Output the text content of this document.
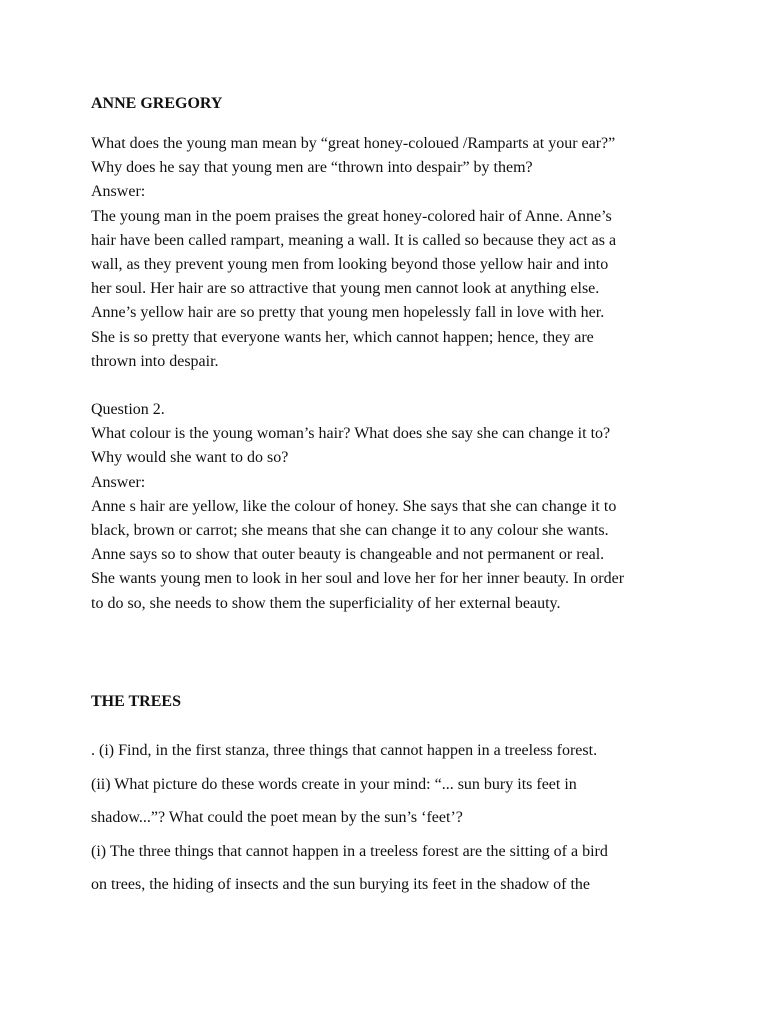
ANNE GREGORY
What does the young man mean by “great honey-coloued /Ramparts at your ear?”
Why does he say that young men are “thrown into despair” by them?
Answer:
The young man in the poem praises the great honey-colored hair of Anne. Anne’s
hair have been called rampart, meaning a wall. It is called so because they act as a
wall, as they prevent young men from looking beyond those yellow hair and into
her soul. Her hair are so attractive that young men cannot look at anything else.
Anne’s yellow hair are so pretty that young men hopelessly fall in love with her.
She is so pretty that everyone wants her, which cannot happen; hence, they are
thrown into despair.
Question 2.
What colour is the young woman’s hair? What does she say she can change it to?
Why would she want to do so?
Answer:
Anne s hair are yellow, like the colour of honey. She says that she can change it to
black, brown or carrot; she means that she can change it to any colour she wants.
Anne says so to show that outer beauty is changeable and not permanent or real.
She wants young men to look in her soul and love her for her inner beauty. In order
to do so, she needs to show them the superficiality of her external beauty.
THE TREES
. (i) Find, in the first stanza, three things that cannot happen in a treeless forest.
(ii) What picture do these words create in your mind: “... sun bury its feet in
shadow...”? What could the poet mean by the sun’s ‘feet’?
(i) The three things that cannot happen in a treeless forest are the sitting of a bird
on trees, the hiding of insects and the sun burying its feet in the shadow of the
